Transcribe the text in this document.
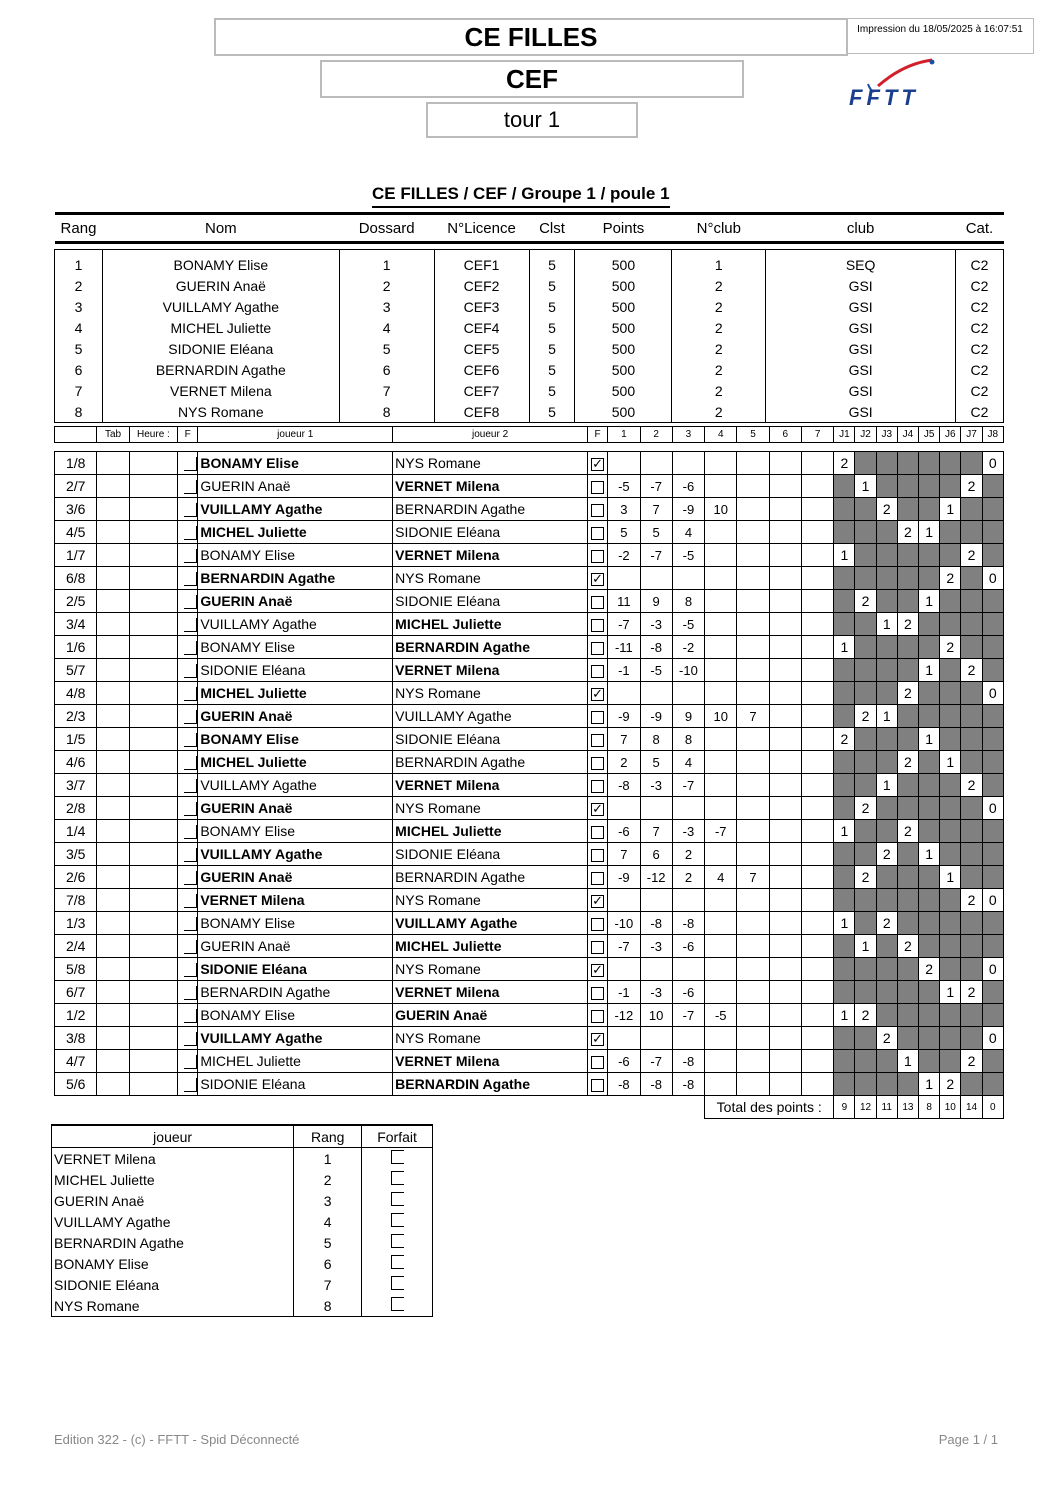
CE FILLES
CEF
tour 1
Impression du 18/05/2025 à 16:07:51
FFTT
CE FILLES / CEF / Groupe 1 / poule 1
Rang	Nom	Dossard	N°Licence	Clst	Points	N°club	club	Cat.

1	BONAMY Elise	1	CEF1	5	500	1	SEQ	C2
2	GUERIN Anaë	2	CEF2	5	500	2	GSI	C2
3	VUILLAMY Agathe	3	CEF3	5	500	2	GSI	C2
4	MICHEL Juliette	4	CEF4	5	500	2	GSI	C2
5	SIDONIE Eléana	5	CEF5	5	500	2	GSI	C2
6	BERNARDIN Agathe	6	CEF6	5	500	2	GSI	C2
7	VERNET Milena	7	CEF7	5	500	2	GSI	C2
8	NYS Romane	8	CEF8	5	500	2	GSI	C2
	Tab	Heure :	F	joueur 1	joueur 2	F	1	2	3	4	5	6	7	J1	J2	J3	J4	J5	J6	J7	J8

1/8				BONAMY Elise	NYS Romane	✓								2							0
2/7				GUERIN Anaë	VERNET Milena		-5	-7	-6						1					2	
3/6				VUILLAMY Agathe	BERNARDIN Agathe		3	7	-9	10						2			1		
4/5				MICHEL Juliette	SIDONIE Eléana		5	5	4								2	1			
1/7				BONAMY Elise	VERNET Milena		-2	-7	-5					1						2	
6/8				BERNARDIN Agathe	NYS Romane	✓													2		0
2/5				GUERIN Anaë	SIDONIE Eléana		11	9	8						2			1			
3/4				VUILLAMY Agathe	MICHEL Juliette		-7	-3	-5							1	2				
1/6				BONAMY Elise	BERNARDIN Agathe		-11	-8	-2					1					2		
5/7				SIDONIE Eléana	VERNET Milena		-1	-5	-10									1		2	
4/8				MICHEL Juliette	NYS Romane	✓											2				0
2/3				GUERIN Anaë	VUILLAMY Agathe		-9	-9	9	10	7				2	1					
1/5				BONAMY Elise	SIDONIE Eléana		7	8	8					2				1			
4/6				MICHEL Juliette	BERNARDIN Agathe		2	5	4								2		1		
3/7				VUILLAMY Agathe	VERNET Milena		-8	-3	-7							1				2	
2/8				GUERIN Anaë	NYS Romane	✓									2						0
1/4				BONAMY Elise	MICHEL Juliette		-6	7	-3	-7				1			2				
3/5				VUILLAMY Agathe	SIDONIE Eléana		7	6	2							2		1			
2/6				GUERIN Anaë	BERNARDIN Agathe		-9	-12	2	4	7				2				1		
7/8				VERNET Milena	NYS Romane	✓														2	0
1/3				BONAMY Elise	VUILLAMY Agathe		-10	-8	-8					1		2					
2/4				GUERIN Anaë	MICHEL Juliette		-7	-3	-6						1		2				
5/8				SIDONIE Eléana	NYS Romane	✓												2			0
6/7				BERNARDIN Agathe	VERNET Milena		-1	-3	-6										1	2	
1/2				BONAMY Elise	GUERIN Anaë		-12	10	-7	-5				1	2						
3/8				VUILLAMY Agathe	NYS Romane	✓										2					0
4/7				MICHEL Juliette	VERNET Milena		-6	-7	-8								1			2	
5/6				SIDONIE Eléana	BERNARDIN Agathe		-8	-8	-8									1	2		
										Total des points :				9	12	11	13	8	10	14	0
joueur	Rang	Forfait
VERNET Milena	1	
MICHEL Juliette	2	
GUERIN Anaë	3	
VUILLAMY Agathe	4	
BERNARDIN Agathe	5	
BONAMY Elise	6	
SIDONIE Eléana	7	
NYS Romane	8	
Edition 322 - (c) - FFTT - Spid Déconnecté	Page 1 / 1
